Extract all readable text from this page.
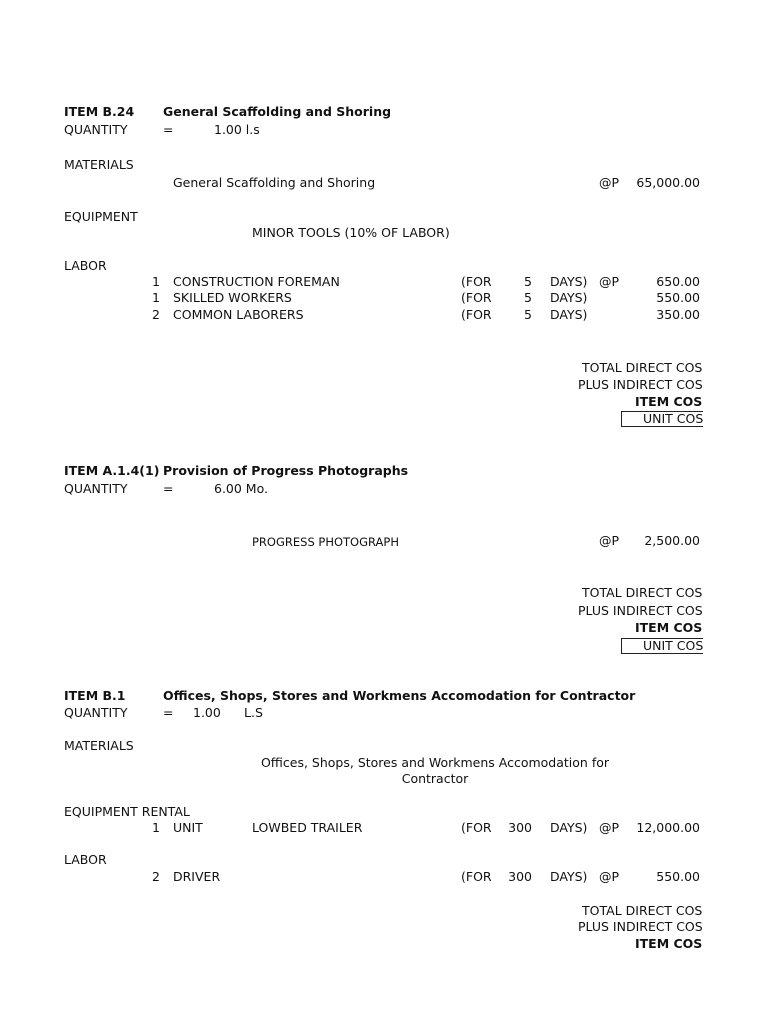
ITEM B.24 General Scaffolding and Shoring
QUANTITY	=	1.00 l.s
MATERIALS
General Scaffolding and Shoring	@P	65,000.00
EQUIPMENT
MINOR TOOLS (10% OF LABOR)
LABOR
1 CONSTRUCTION FOREMAN	(FOR	5 DAYS) @P	650.00
1 SKILLED WORKERS	(FOR	5 DAYS)	550.00
2 COMMON LABORERS	(FOR	5 DAYS)	350.00
TOTAL DIRECT COS
PLUS INDIRECT COS
ITEM COS
UNIT COS
ITEM A.1.4(1) Provision of Progress Photographs
QUANTITY	=	6.00 Mo.
PROGRESS PHOTOGRAPH	@P	2,500.00
TOTAL DIRECT COS
PLUS INDIRECT COS
ITEM COS
UNIT COS
ITEM B.1	Offices, Shops, Stores and Workmens Accomodation for Contractor
QUANTITY	= 1.00 L.S
MATERIALS
Offices, Shops, Stores and Workmens Accomodation for
Contractor
EQUIPMENT RENTAL
1 UNIT	LOWBED TRAILER	(FOR	300 DAYS) @P	12,000.00
LABOR
2 DRIVER	(FOR	300 DAYS) @P	550.00
TOTAL DIRECT COS
PLUS INDIRECT COS
ITEM COS
